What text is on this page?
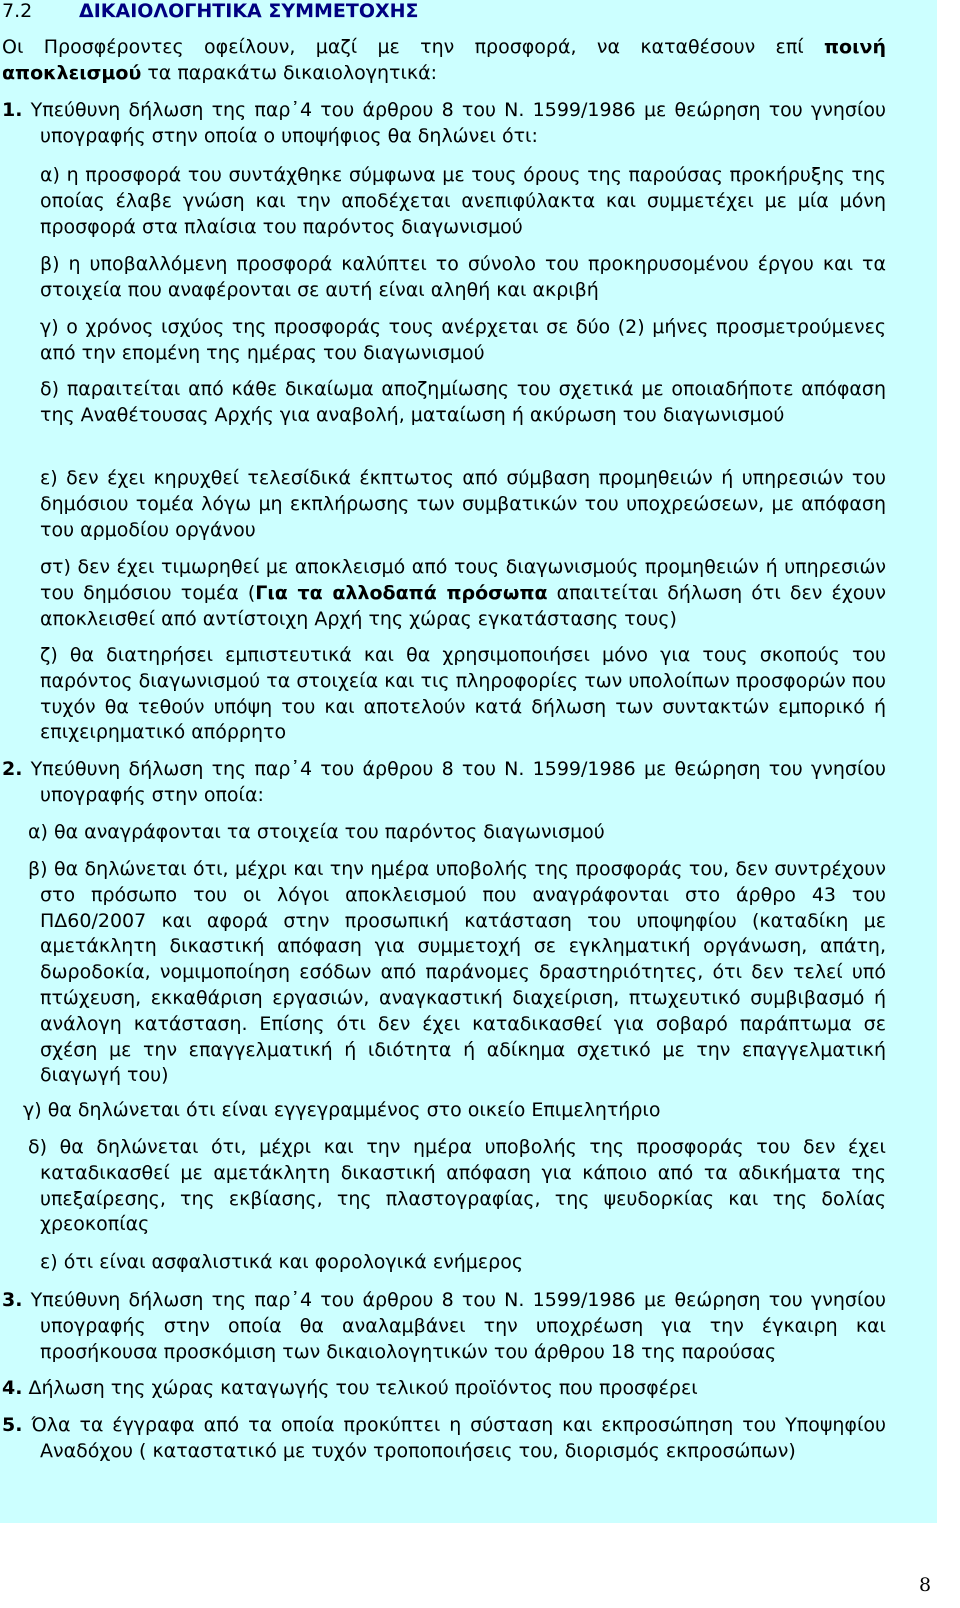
7.2 ΔΙΚΑΙΟΛΟΓΗΤΙΚΑ ΣΥΜΜΕΤΟΧΗΣ

Οι Προσφέροντες οφείλουν, μαζί με την προσφορά, να καταθέσουν επί ποινή αποκλεισμού τα παρακάτω δικαιολογητικά:

1. Υπεύθυνη δήλωση της παρ᾿4 του άρθρου 8 του Ν. 1599/1986 με θεώρηση του γνησίου υπογραφής στην οποία ο υποψήφιος θα δηλώνει ότι:

α) η προσφορά του συντάχθηκε σύμφωνα με τους όρους της παρούσας προκήρυξης της οποίας έλαβε γνώση και την αποδέχεται ανεπιφύλακτα και συμμετέχει με μία μόνη προσφορά στα πλαίσια του παρόντος διαγωνισμού

β) η υποβαλλόμενη προσφορά καλύπτει το σύνολο του προκηρυσομένου έργου και τα στοιχεία που αναφέρονται σε αυτή είναι αληθή και ακριβή

γ) ο χρόνος ισχύος της προσφοράς τους ανέρχεται σε δύο (2) μήνες προσμετρούμενες από την επομένη της ημέρας του διαγωνισμού

δ) παραιτείται από κάθε δικαίωμα αποζημίωσης του σχετικά με οποιαδήποτε απόφαση της Αναθέτουσας Αρχής για αναβολή, ματαίωση ή ακύρωση του διαγωνισμού

ε) δεν έχει κηρυχθεί τελεσίδικά έκπτωτος από σύμβαση προμηθειών ή υπηρεσιών του δημόσιου τομέα λόγω μη εκπλήρωσης των συμβατικών του υποχρεώσεων, με απόφαση του αρμοδίου οργάνου

στ) δεν έχει τιμωρηθεί με αποκλεισμό από τους διαγωνισμούς προμηθειών ή υπηρεσιών του δημόσιου τομέα (Για τα αλλοδαπά πρόσωπα απαιτείται δήλωση ότι δεν έχουν αποκλεισθεί από αντίστοιχη Αρχή της χώρας εγκατάστασης τους)

ζ) θα διατηρήσει εμπιστευτικά και θα χρησιμοποιήσει μόνο για τους σκοπούς του παρόντος διαγωνισμού τα στοιχεία και τις πληροφορίες των υπολοίπων προσφορών που τυχόν θα τεθούν υπόψη του και αποτελούν κατά δήλωση των συντακτών εμπορικό ή επιχειρηματικό απόρρητο

2. Υπεύθυνη δήλωση της παρ᾿4 του άρθρου 8 του Ν. 1599/1986 με θεώρηση του γνησίου υπογραφής στην οποία:

α) θα αναγράφονται τα στοιχεία του παρόντος διαγωνισμού

β) θα δηλώνεται ότι, μέχρι και την ημέρα υποβολής της προσφοράς του, δεν συντρέχουν στο πρόσωπο του οι λόγοι αποκλεισμού που αναγράφονται στο άρθρο 43 του ΠΔ60/2007 και αφορά στην προσωπική κατάσταση του υποψηφίου (καταδίκη με αμετάκλητη δικαστική απόφαση για συμμετοχή σε εγκληματική οργάνωση, απάτη, δωροδοκία, νομιμοποίηση εσόδων από παράνομες δραστηριότητες, ότι δεν τελεί υπό πτώχευση, εκκαθάριση εργασιών, αναγκαστική διαχείριση, πτωχευτικό συμβιβασμό ή ανάλογη κατάσταση. Επίσης ότι δεν έχει καταδικασθεί για σοβαρό παράπτωμα σε σχέση με την επαγγελματική ή ιδιότητα ή αδίκημα σχετικό με την επαγγελματική διαγωγή του)

γ) θα δηλώνεται ότι είναι εγγεγραμμένος στο οικείο Επιμελητήριο

δ) θα δηλώνεται ότι, μέχρι και την ημέρα υποβολής της προσφοράς του δεν έχει καταδικασθεί με αμετάκλητη δικαστική απόφαση για κάποιο από τα αδικήματα της υπεξαίρεσης, της εκβίασης, της πλαστογραφίας, της ψευδορκίας και της δολίας χρεοκοπίας

ε) ότι είναι ασφαλιστικά και φορολογικά ενήμερος

3. Υπεύθυνη δήλωση της παρ᾿4 του άρθρου 8 του Ν. 1599/1986 με θεώρηση του γνησίου υπογραφής στην οποία θα αναλαμβάνει την υποχρέωση για την έγκαιρη και προσήκουσα προσκόμιση των δικαιολογητικών του άρθρου 18 της παρούσας

4. Δήλωση της χώρας καταγωγής του τελικού προϊόντος που προσφέρει

5. Όλα τα έγγραφα από τα οποία προκύπτει η σύσταση και εκπροσώπηση του Υποψηφίου Αναδόχου ( καταστατικό με τυχόν τροποποιήσεις του, διορισμός εκπροσώπων)

8
